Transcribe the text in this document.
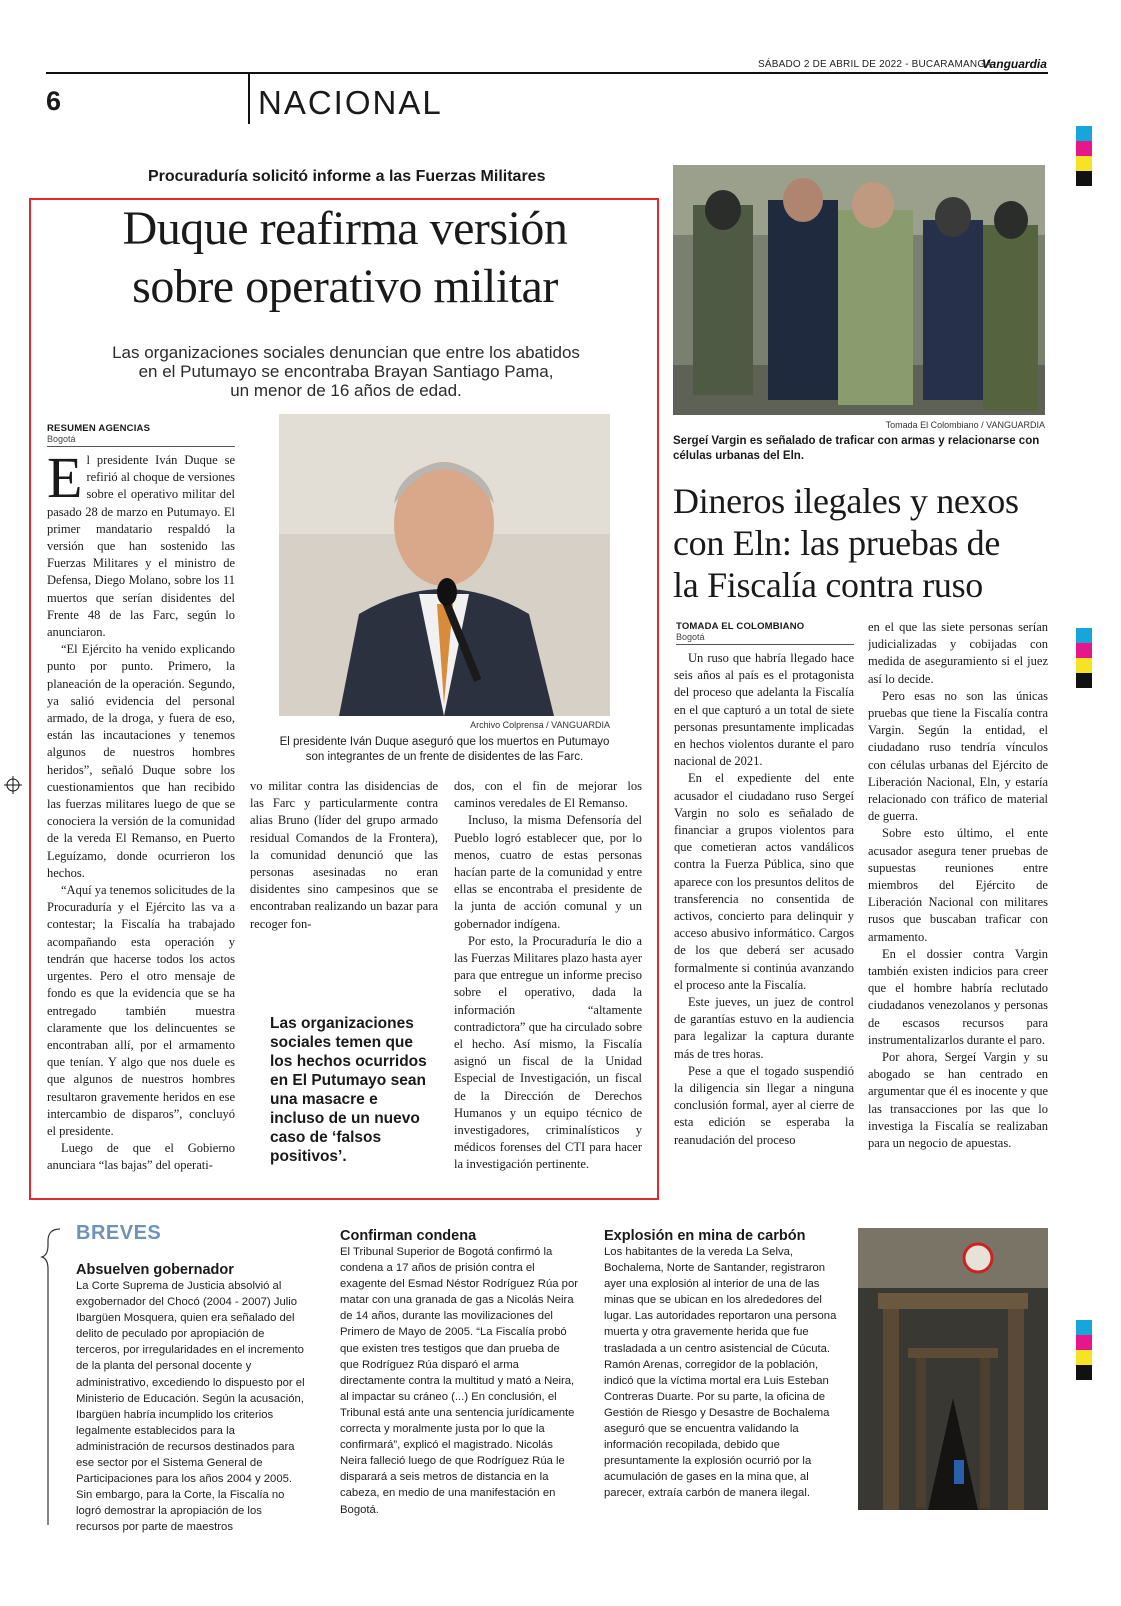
SÁBADO 2 DE ABRIL DE 2022 - BUCARAMANGA
Vanguardia
6	NACIONAL
Procuraduría solicitó informe a las Fuerzas Militares
Duque reafirma versión
sobre operativo militar
Las organizaciones sociales denuncian que entre los abatidos
en el Putumayo se encontraba Brayan Santiago Pama,
un menor de 16 años de edad.
RESUMEN AGENCIAS
Bogotá

El presidente Iván Duque se refirió al choque de versiones sobre el operativo militar del pasado 28 de marzo en Putumayo. El primer mandatario respaldó la versión que han sostenido las Fuerzas Militares y el ministro de Defensa, Diego Molano, sobre los 11 muertos que serían disidentes del Frente 48 de las Farc, según lo anunciaron.

“El Ejército ha venido explicando punto por punto. Primero, la planeación de la operación. Segundo, ya salió evidencia del personal armado, de la droga, y fuera de eso, están las incautaciones y tenemos algunos de nuestros hombres heridos”, señaló Duque sobre los cuestionamientos que han recibido las fuerzas militares luego de que se conociera la versión de la comunidad de la vereda El Remanso, en Puerto Leguízamo, donde ocurrieron los hechos.

“Aquí ya tenemos solicitudes de la Procuraduría y el Ejército las va a contestar; la Fiscalía ha trabajado acompañando esta operación y tendrán que hacerse todos los actos urgentes. Pero el otro mensaje de fondo es que la evidencia que se ha entregado también muestra claramente que los delincuentes se encontraban allí, por el armamento que tenían. Y algo que nos duele es que algunos de nuestros hombres resultaron gravemente heridos en ese intercambio de disparos”, concluyó el presidente.

Luego de que el Gobierno anunciara “las bajas” del operati-

Archivo Colprensa / VANGUARDIA
El presidente Iván Duque aseguró que los muertos en Putumayo son integrantes de un frente de disidentes de las Farc.

vo militar contra las disidencias de las Farc y particularmente contra alias Bruno (líder del grupo armado residual Comandos de la Frontera), la comunidad denunció que las personas asesinadas no eran disidentes sino campesinos que se encontraban realizando un bazar para recoger fon-

Las organizaciones sociales temen que los hechos ocurridos en El Putumayo sean una masacre e incluso de un nuevo caso de ‘falsos positivos’.

dos, con el fin de mejorar los caminos veredales de El Remanso.

Incluso, la misma Defensoría del Pueblo logró establecer que, por lo menos, cuatro de estas personas hacían parte de la comunidad y entre ellas se encontraba el presidente de la junta de acción comunal y un gobernador indígena.

Por esto, la Procuraduría le dio a las Fuerzas Militares plazo hasta ayer para que entregue un informe preciso sobre el operativo, dada la información “altamente contradictora” que ha circulado sobre el hecho. Así mismo, la Fiscalía asignó un fiscal de la Unidad Especial de Investigación, un fiscal de la Dirección de Derechos Humanos y un equipo técnico de investigadores, criminalísticos y médicos forenses del CTI para hacer la investigación pertinente.

Tomada El Colombiano / VANGUARDIA
Sergeí Vargin es señalado de traficar con armas y relacionarse con células urbanas del Eln.
Dineros ilegales y nexos
con Eln: las pruebas de
la Fiscalía contra ruso
TOMADA EL COLOMBIANO
Bogotá

Un ruso que habría llegado hace seis años al país es el protagonista del proceso que adelanta la Fiscalía en el que capturó a un total de siete personas presuntamente implicadas en hechos violentos durante el paro nacional de 2021.

En el expediente del ente acusador el ciudadano ruso Sergeí Vargin no solo es señalado de financiar a grupos violentos para que cometieran actos vandálicos contra la Fuerza Pública, sino que aparece con los presuntos delitos de transferencia no consentida de activos, concierto para delinquir y acceso abusivo informático. Cargos de los que deberá ser acusado formalmente si continúa avanzando el proceso ante la Fiscalía.

Este jueves, un juez de control de garantías estuvo en la audiencia para legalizar la captura durante más de tres horas.

Pese a que el togado suspendió la diligencia sin llegar a ninguna conclusión formal, ayer al cierre de esta edición se esperaba la reanudación del proceso

en el que las siete personas serían judicializadas y cobijadas con medida de aseguramiento si el juez así lo decide.

Pero esas no son las únicas pruebas que tiene la Fiscalía contra Vargin. Según la entidad, el ciudadano ruso tendría vínculos con células urbanas del Ejército de Liberación Nacional, Eln, y estaría relacionado con tráfico de material de guerra.

Sobre esto último, el ente acusador asegura tener pruebas de supuestas reuniones entre miembros del Ejército de Liberación Nacional con militares rusos que buscaban traficar con armamento.

En el dossier contra Vargin también existen indicios para creer que el hombre habría reclutado ciudadanos venezolanos y personas de escasos recursos para instrumentalizarlos durante el paro.

Por ahora, Sergeí Vargin y su abogado se han centrado en argumentar que él es inocente y que las transacciones por las que lo investiga la Fiscalía se realizaban para un negocio de apuestas.

BREVES
Absuelven gobernador
La Corte Suprema de Justicia absolvió al exgobernador del Chocó (2004 - 2007) Julio Ibargüen Mosquera, quien era señalado del delito de peculado por apropiación de terceros, por irregularidades en el incremento de la planta del personal docente y administrativo, excediendo lo dispuesto por el Ministerio de Educación. Según la acusación, Ibargüen habría incumplido los criterios legalmente establecidos para la administración de recursos destinados para ese sector por el Sistema General de Participaciones para los años 2004 y 2005. Sin embargo, para la Corte, la Fiscalía no logró demostrar la apropiación de los recursos por parte de maestros
Confirman condena
El Tribunal Superior de Bogotá confirmó la condena a 17 años de prisión contra el exagente del Esmad Néstor Rodríguez Rúa por matar con una granada de gas a Nicolás Neira de 14 años, durante las movilizaciones del Primero de Mayo de 2005. “La Fiscalía probó que existen tres testigos que dan prueba de que Rodríguez Rúa disparó el arma directamente contra la multitud y mató a Neira, al impactar su cráneo (...) En conclusión, el Tribunal está ante una sentencia jurídicamente correcta y moralmente justa por lo que la confirmará”, explicó el magistrado. Nicolás Neira falleció luego de que Rodríguez Rúa le disparará a seis metros de distancia en la cabeza, en medio de una manifestación en Bogotá.
Explosión en mina de carbón
Los habitantes de la vereda La Selva, Bochalema, Norte de Santander, registraron ayer una explosión al interior de una de las minas que se ubican en los alrededores del lugar. Las autoridades reportaron una persona muerta y otra gravemente herida que fue trasladada a un centro asistencial de Cúcuta. Ramón Arenas, corregidor de la población, indicó que la víctima mortal era Luis Esteban Contreras Duarte. Por su parte, la oficina de Gestión de Riesgo y Desastre de Bochalema aseguró que se encuentra validando la información recopilada, debido que presuntamente la explosión ocurrió por la acumulación de gases en la mina que, al parecer, extraía carbón de manera ilegal.
